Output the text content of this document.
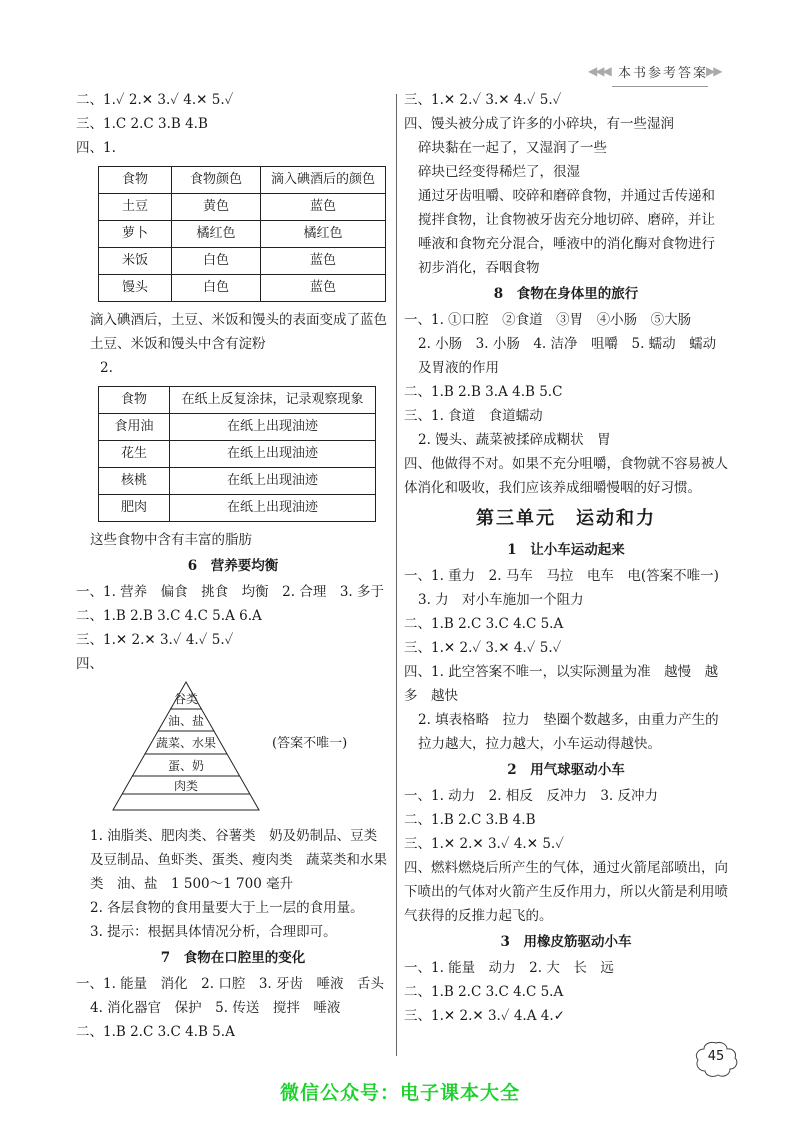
◀◀◀ 本书参考答案
▶▶
二、1.✓ 2.✕ 3.✓ 4.✕ 5.✓
三、1.C 2.C 3.B 4.B
四、1.
食物	食物颜色	滴入碘酒后的颜色
土豆	黄色	蓝色
萝卜	橘红色	橘红色
米饭	白色	蓝色
馒头	白色	蓝色
滴入碘酒后，土豆、米饭和馒头的表面变成了蓝色
土豆、米饭和馒头中含有淀粉
2.
食物	在纸上反复涂抹，记录观察现象
食用油	在纸上出现油迹
花生	在纸上出现油迹
核桃	在纸上出现油迹
肥肉	在纸上出现油迹
这些食物中含有丰富的脂肪
6　营养要均衡
一、1. 营养　偏食　挑食　均衡　2. 合理　3. 多于
二、1.B 2.B 3.C 4.C 5.A 6.A
三、1.✕ 2.✕ 3.✓ 4.✓ 5.✓
四、
谷类
油、盐
蔬菜、水果
蛋、奶
肉类
(答案不唯一)
1. 油脂类、肥肉类、谷薯类　奶及奶制品、豆类及豆制品、鱼虾类、蛋类、瘦肉类　蔬菜类和水果类　油、盐　1 500～1 700 毫升
2. 各层食物的食用量要大于上一层的食用量。
3. 提示：根据具体情况分析，合理即可。
7　食物在口腔里的变化
一、1. 能量　消化　2. 口腔　3. 牙齿　唾液　舌头
4. 消化器官　保护　5. 传送　搅拌　唾液
二、1.B 2.C 3.C 4.B 5.A
三、1.✕ 2.✓ 3.✕ 4.✓ 5.✓
四、馒头被分成了许多的小碎块，有一些湿润
碎块黏在一起了，又湿润了一些
碎块已经变得稀烂了，很湿
通过牙齿咀嚼、咬碎和磨碎食物，并通过舌传递和搅拌食物，让食物被牙齿充分地切碎、磨碎，并让唾液和食物充分混合，唾液中的消化酶对食物进行初步消化，吞咽食物
8　食物在身体里的旅行
一、1. ①口腔　②食道　③胃　④小肠　⑤大肠
2. 小肠　3. 小肠　4. 洁净　咀嚼　5. 蠕动　蠕动及胃液的作用
二、1.B 2.B 3.A 4.B 5.C
三、1. 食道　食道蠕动
2. 馒头、蔬菜被揉碎成糊状　胃
四、他做得不对。如果不充分咀嚼，食物就不容易被人体消化和吸收，我们应该养成细嚼慢咽的好习惯。
第三单元　运动和力
1　让小车运动起来
一、1. 重力　2. 马车　马拉　电车　电(答案不唯一)
3. 力　对小车施加一个阻力
二、1.B 2.C 3.C 4.C 5.A
三、1.✕ 2.✓ 3.✕ 4.✓ 5.✓
四、1. 此空答案不唯一，以实际测量为准　越慢　越多　越快
2. 填表格略　拉力　垫圈个数越多，由重力产生的拉力越大，拉力越大，小车运动得越快。
2　用气球驱动小车
一、1. 动力　2. 相反　反冲力　3. 反冲力
二、1.B 2.C 3.B 4.B
三、1.✕ 2.✕ 3.✓ 4.✕ 5.✓
四、燃料燃烧后所产生的气体，通过火箭尾部喷出，向下喷出的气体对火箭产生反作用力，所以火箭是利用喷气获得的反推力起飞的。
3　用橡皮筋驱动小车
一、1. 能量　动力　2. 大　长　远
二、1.B 2.C 3.C 4.C 5.A
三、1.✕ 2.✕ 3.✓ 4.A 4.✓
45
微信公众号：电子课本大全
